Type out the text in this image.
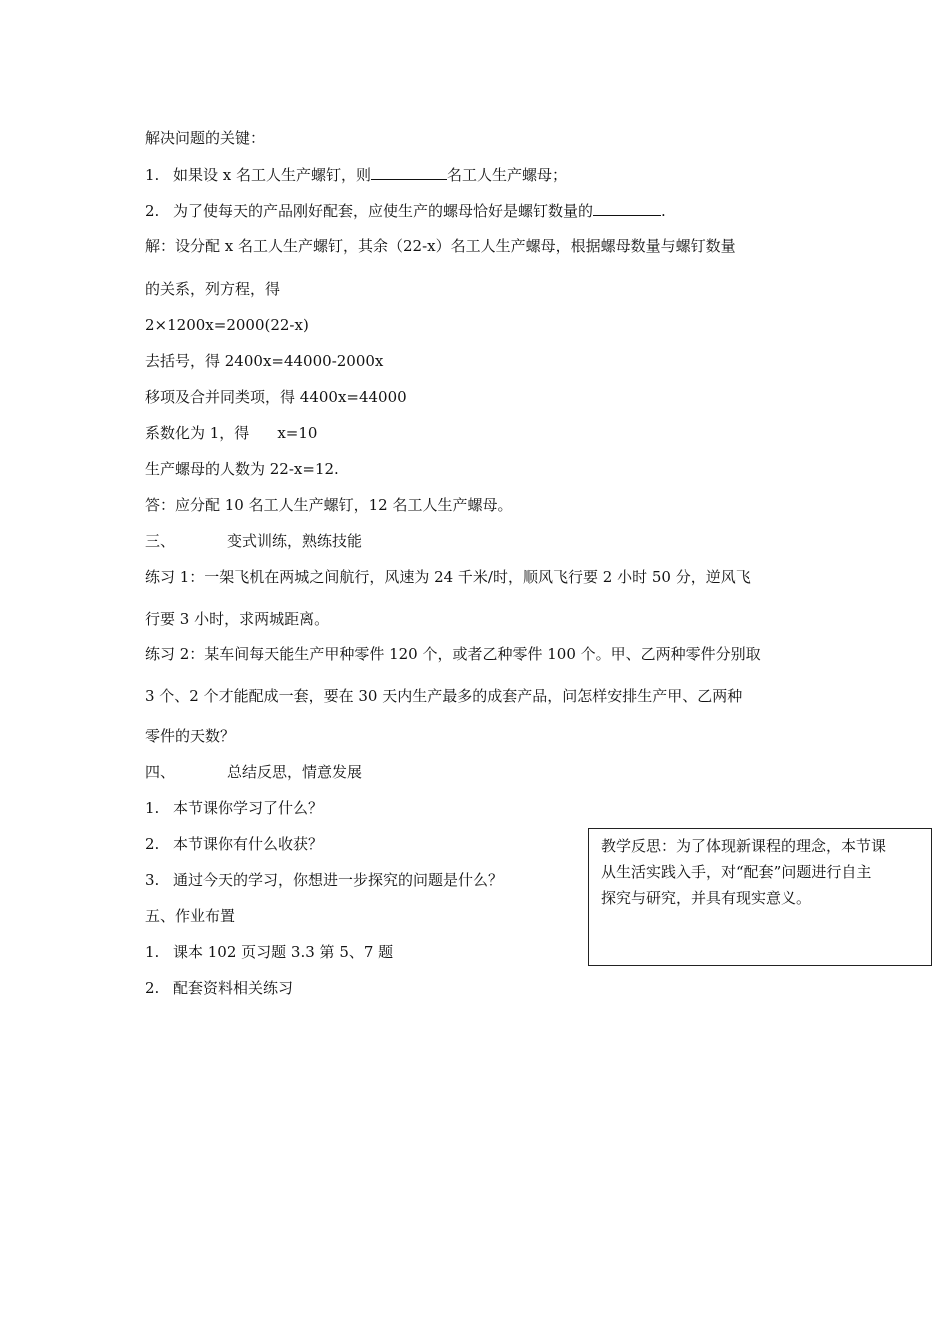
解决问题的关键：
1. 如果设 x 名工人生产螺钉，则	名工人生产螺母；
2. 为了使每天的产品刚好配套，应使生产的螺母恰好是螺钉数量的	.
解：设分配 x 名工人生产螺钉，其余（22-x）名工人生产螺母，根据螺母数量与螺钉数量
的关系，列方程，得
2×1200x=2000(22-x)
去括号，得 2400x=44000-2000x
移项及合并同类项，得 4400x=44000
系数化为 1，得 x=10
生产螺母的人数为 22-x=12.
答：应分配 10 名工人生产螺钉，12 名工人生产螺母。
三、	变式训练，熟练技能
练习 1：一架飞机在两城之间航行，风速为 24 千米/时，顺风飞行要 2 小时 50 分，逆风飞
行要 3 小时，求两城距离。
练习 2：某车间每天能生产甲种零件 120 个，或者乙种零件 100 个。甲、乙两种零件分别取
3 个、2 个才能配成一套，要在 30 天内生产最多的成套产品，问怎样安排生产甲、乙两种
零件的天数？
四、	总结反思，情意发展
1. 本节课你学习了什么？
2. 本节课你有什么收获？
3. 通过今天的学习，你想进一步探究的问题是什么？
五、作业布置
1. 课本 102 页习题 3.3 第 5、7 题
2. 配套资料相关练习
教学反思：为了体现新课程的理念，本节课
从生活实践入手，对“配套”问题进行自主
探究与研究，并具有现实意义。
